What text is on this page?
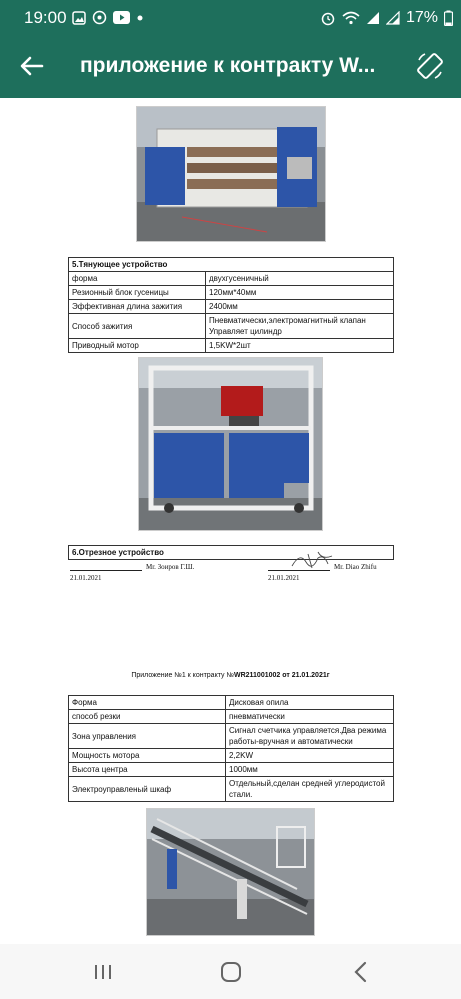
19:00	17%
приложение к контракту W...
5.Тянующее устройство	
форма	двухгусеничный
Резионный блок гусеницы	120мм*40мм
Эффективная длина зажития	2400мм
Способ зажития	Пневматически,электромагнитный клапан Управляет цилиндр
Приводный мотор	1,5KW*2шт
6.Отрезное устройство
Mr. Зоиров Г.Ш.
21.01.2021
Mr. Diao Zhifu
21.01.2021
Приложение №1 к контракту №WR211001002 от 21.01.2021г
Форма	Дисковая опила
способ резки	пневматически
Зона управления	Сигнал счетчика управляется.Два режима работы-вручная и автоматически
Мощность мотора	2,2KW
Высота центра	1000мм
Электроуправленый шкаф	Отдельный,сделан средней углеродистой стали.
